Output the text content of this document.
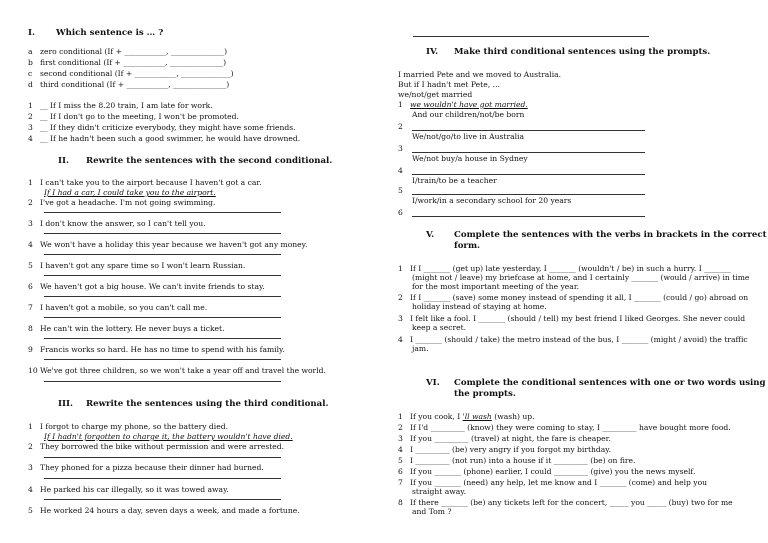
I. Which sentence is … ?
a zero conditional (If + ___________, ______________)
b first conditional (If + ___________, ______________)
c second conditional (If + ___________, _____________)
d third conditional (If + ___________, ______________)
1 __ If I miss the 8.20 train, I am late for work.
2 __ If I don't go to the meeting, I won't be promoted.
3 __ If they didn't criticize everybody, they might have some friends.
4 __ If he hadn't been such a good swimmer, he would have drowned.
II. Rewrite the sentences with the second conditional.
1 I can't take you to the airport because I haven't got a car.
If I had a car, I could take you to the airport.
2 I've got a headache. I'm not going swimming.
3 I don't know the answer, so I can't tell you.
4 We won't have a holiday this year because we haven't got any money.
5 I haven't got any spare time so I won't learn Russian.
6 We haven't got a big house. We can't invite friends to stay.
7 I haven't got a mobile, so you can't call me.
8 He can't win the lottery. He never buys a ticket.
9 Francis works so hard. He has no time to spend with his family.
10 We've got three children, so we won't take a year off and travel the world.
III. Rewrite the sentences using the third conditional.
1 I forgot to charge my phone, so the battery died.
If I hadn't forgotten to charge it, the battery wouldn't have died.
2 They borrowed the bike without permission and were arrested.
3 They phoned for a pizza because their dinner had burned.
4 He parked his car illegally, so it was towed away.
5 He worked 24 hours a day, seven days a week, and made a fortune.
IV. Make third conditional sentences using the prompts.
I married Pete and we moved to Australia.
But if I hadn't met Pete, …
we/not/get married
1 we wouldn't have got married.
And our children/not/be born
2
We/not/go/to live in Australia
3
We/not buy/a house in Sydney
4
I/train/to be a teacher
5
I/work/in a secondary school for 20 years
6
V. Complete the sentences with the verbs in brackets in the correct
form.
1 If I _______ (get up) late yesterday, I _______ (wouldn't / be) in such a hurry. I _______
(might not / leave) my briefcase at home, and I certainly _______ (would / arrive) in time
for the most important meeting of the year.
2 If I _______ (save) some money instead of spending it all, I _______ (could / go) abroad on
holiday instead of staying at home.
3 I felt like a fool. I _______ (should / tell) my best friend I liked Georges. She never could
keep a secret.
4 I _______ (should / take) the metro instead of the bus, I _______ (might / avoid) the traffic
jam.
VI. Complete the conditional sentences with one or two words using
the prompts.
1 If you cook, I 'll wash (wash) up.
2 If I'd _________ (know) they were coming to stay, I _________ have bought more food.
3 If you _________ (travel) at night, the fare is cheaper.
4 I _________ (be) very angry if you forgot my birthday.
5 I _________ (not run) into a house if it _________ (be) on fire.
6 If you _______ (phone) earlier, I could _________ (give) you the news myself.
7 If you _______ (need) any help, let me know and I _______ (come) and help you
straight away.
8 If there _______ (be) any tickets left for the concert, _____ you _____ (buy) two for me
and Tom ?
